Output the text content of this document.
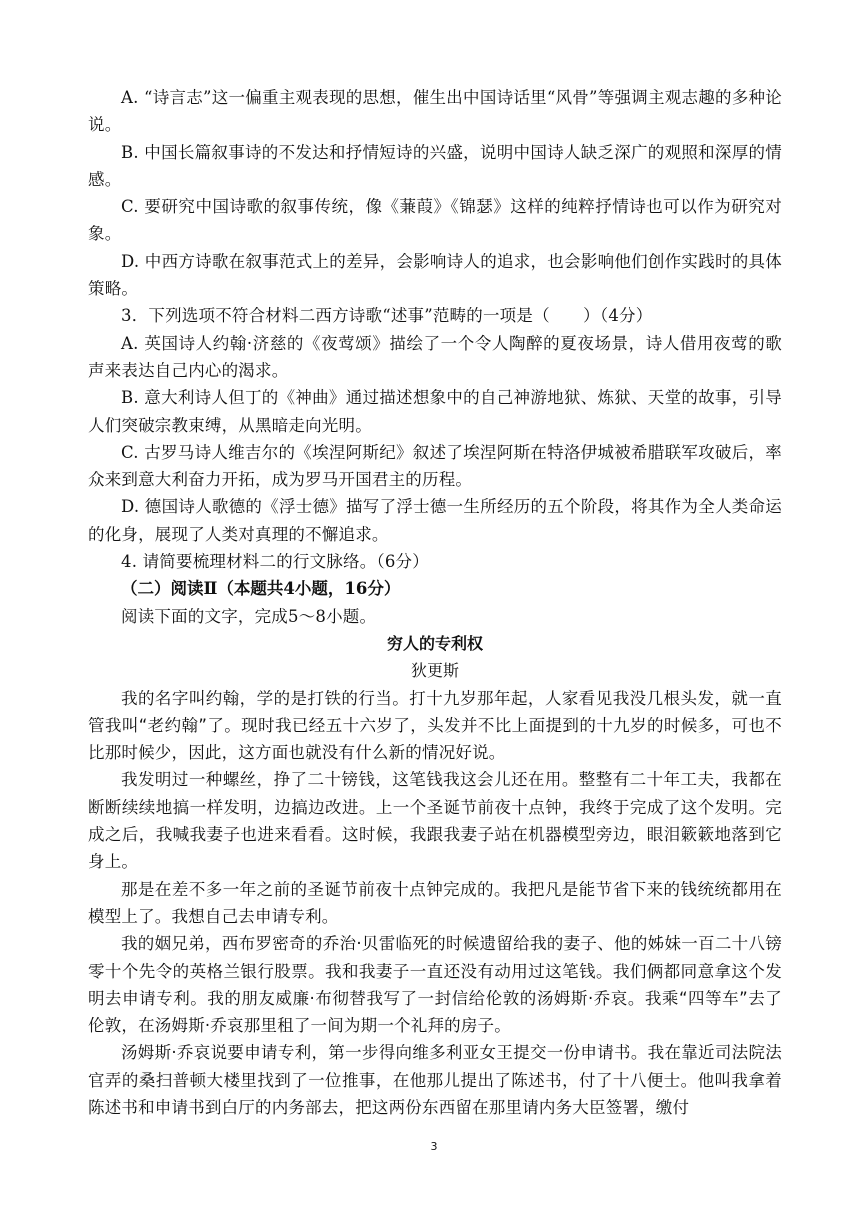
A. “诗言志”这一偏重主观表现的思想，催生出中国诗话里“风骨”等强调主观志趣的多种论说。

B. 中国长篇叙事诗的不发达和抒情短诗的兴盛，说明中国诗人缺乏深广的观照和深厚的情感。

C. 要研究中国诗歌的叙事传统，像《蒹葭》《锦瑟》这样的纯粹抒情诗也可以作为研究对象。

D. 中西方诗歌在叙事范式上的差异，会影响诗人的追求，也会影响他们创作实践时的具体策略。

3．下列选项不符合材料二西方诗歌“述事”范畴的一项是（　　）（4分）

A. 英国诗人约翰·济慈的《夜莺颂》描绘了一个令人陶醉的夏夜场景，诗人借用夜莺的歌声来表达自己内心的渴求。

B. 意大利诗人但丁的《神曲》通过描述想象中的自己神游地狱、炼狱、天堂的故事，引导人们突破宗教束缚，从黑暗走向光明。

C. 古罗马诗人维吉尔的《埃涅阿斯纪》叙述了埃涅阿斯在特洛伊城被希腊联军攻破后，率众来到意大利奋力开拓，成为罗马开国君主的历程。

D. 德国诗人歌德的《浮士德》描写了浮士德一生所经历的五个阶段，将其作为全人类命运的化身，展现了人类对真理的不懈追求。

4. 请简要梳理材料二的行文脉络。（6分）

（二）阅读Ⅱ（本题共4小题，16分）

阅读下面的文字，完成5～8小题。

穷人的专利权

狄更斯

我的名字叫约翰，学的是打铁的行当。打十九岁那年起，人家看见我没几根头发，就一直管我叫“老约翰”了。现时我已经五十六岁了，头发并不比上面提到的十九岁的时候多，可也不比那时候少，因此，这方面也就没有什么新的情况好说。

我发明过一种螺丝，挣了二十镑钱，这笔钱我这会儿还在用。整整有二十年工夫，我都在断断续续地搞一样发明，边搞边改进。上一个圣诞节前夜十点钟，我终于完成了这个发明。完成之后，我喊我妻子也进来看看。这时候，我跟我妻子站在机器模型旁边，眼泪簌簌地落到它身上。

那是在差不多一年之前的圣诞节前夜十点钟完成的。我把凡是能节省下来的钱统统都用在模型上了。我想自己去申请专利。

我的姻兄弟，西布罗密奇的乔治·贝雷临死的时候遗留给我的妻子、他的姊妹一百二十八镑零十个先令的英格兰银行股票。我和我妻子一直还没有动用过这笔钱。我们俩都同意拿这个发明去申请专利。我的朋友威廉·布彻替我写了一封信给伦敦的汤姆斯·乔哀。我乘“四等车”去了伦敦，在汤姆斯·乔哀那里租了一间为期一个礼拜的房子。

汤姆斯·乔哀说要申请专利，第一步得向维多利亚女王提交一份申请书。我在靠近司法院法官弄的桑扫普顿大楼里找到了一位推事，在他那儿提出了陈述书，付了十八便士。他叫我拿着陈述书和申请书到白厅的内务部去，把这两份东西留在那里请内务大臣签署，缴付

3
